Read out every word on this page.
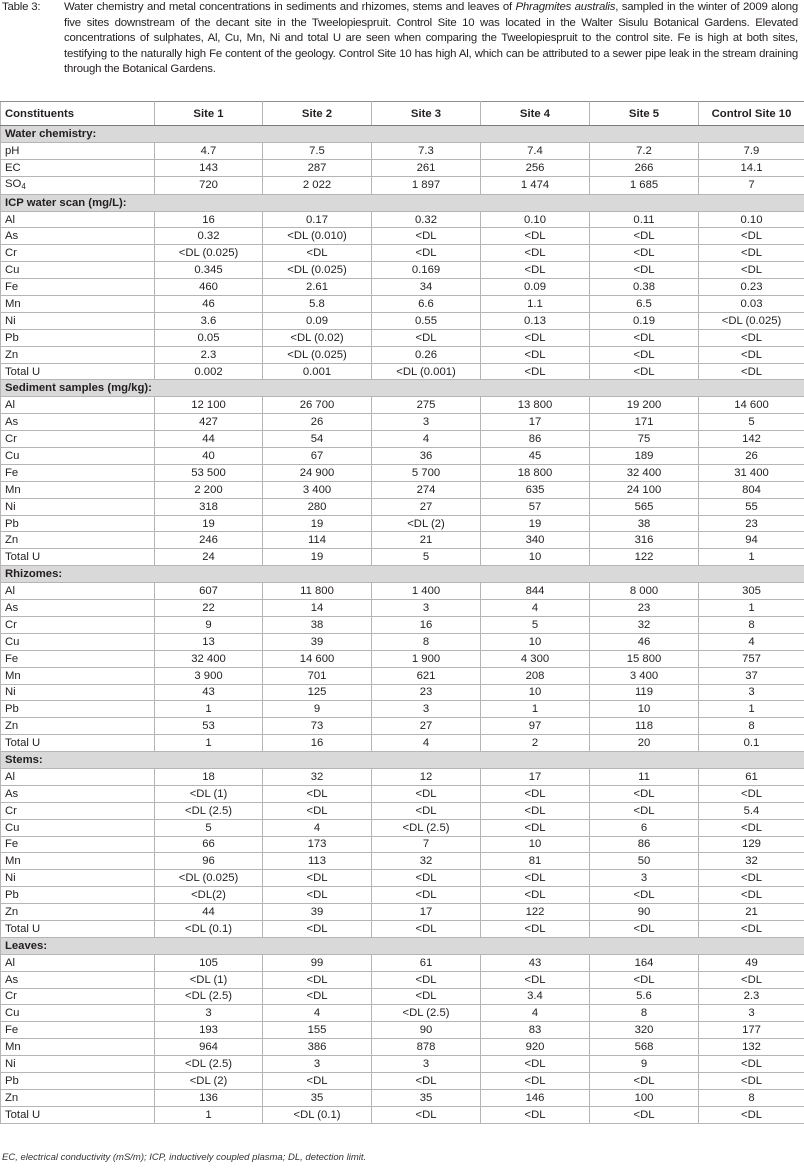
Table 3:	Water chemistry and metal concentrations in sediments and rhizomes, stems and leaves of Phragmites australis, sampled in the winter of 2009 along five sites downstream of the decant site in the Tweelopiespruit. Control Site 10 was located in the Walter Sisulu Botanical Gardens. Elevated concentrations of sulphates, Al, Cu, Mn, Ni and total U are seen when comparing the Tweelopiespruit to the control site. Fe is high at both sites, testifying to the naturally high Fe content of the geology. Control Site 10 has high Al, which can be attributed to a sewer pipe leak in the stream draining through the Botanical Gardens.
Constituents	Site 1	Site 2	Site 3	Site 4	Site 5	Control Site 10
Water chemistry:						
pH	4.7	7.5	7.3	7.4	7.2	7.9
EC	143	287	261	256	266	14.1
$SO_4$	720	2 022	1 897	1 474	1 685	7
ICP water scan (mg/L):						
Al	16	0.17	0.32	0.10	0.11	0.10
As	0.32	<DL (0.010)	<DL	<DL	<DL	<DL
Cr	<DL (0.025)	<DL	<DL	<DL	<DL	<DL
Cu	0.345	<DL (0.025)	0.169	<DL	<DL	<DL
Fe	460	2.61	34	0.09	0.38	0.23
Mn	46	5.8	6.6	1.1	6.5	0.03
Ni	3.6	0.09	0.55	0.13	0.19	<DL (0.025)
Pb	0.05	<DL (0.02)	<DL	<DL	<DL	<DL
Zn	2.3	<DL (0.025)	0.26	<DL	<DL	<DL
Total U	0.002	0.001	<DL (0.001)	<DL	<DL	<DL
Sediment samples (mg/kg):						
Al	12 100	26 700	275	13 800	19 200	14 600
As	427	26	3	17	171	5
Cr	44	54	4	86	75	142
Cu	40	67	36	45	189	26
Fe	53 500	24 900	5 700	18 800	32 400	31 400
Mn	2 200	3 400	274	635	24 100	804
Ni	318	280	27	57	565	55
Pb	19	19	<DL (2)	19	38	23
Zn	246	114	21	340	316	94
Total U	24	19	5	10	122	1
Rhizomes:						
Al	607	11 800	1 400	844	8 000	305
As	22	14	3	4	23	1
Cr	9	38	16	5	32	8
Cu	13	39	8	10	46	4
Fe	32 400	14 600	1 900	4 300	15 800	757
Mn	3 900	701	621	208	3 400	37
Ni	43	125	23	10	119	3
Pb	1	9	3	1	10	1
Zn	53	73	27	97	118	8
Total U	1	16	4	2	20	0.1
Stems:						
Al	18	32	12	17	11	61
As	<DL (1)	<DL	<DL	<DL	<DL	<DL
Cr	<DL (2.5)	<DL	<DL	<DL	<DL	5.4
Cu	5	4	<DL (2.5)	<DL	6	<DL
Fe	66	173	7	10	86	129
Mn	96	113	32	81	50	32
Ni	<DL (0.025)	<DL	<DL	<DL	3	<DL
Pb	<DL(2)	<DL	<DL	<DL	<DL	<DL
Zn	44	39	17	122	90	21
Total U	<DL (0.1)	<DL	<DL	<DL	<DL	<DL
Leaves:						
Al	105	99	61	43	164	49
As	<DL (1)	<DL	<DL	<DL	<DL	<DL
Cr	<DL (2.5)	<DL	<DL	3.4	5.6	2.3
Cu	3	4	<DL (2.5)	4	8	3
Fe	193	155	90	83	320	177
Mn	964	386	878	920	568	132
Ni	<DL (2.5)	3	3	<DL	9	<DL
Pb	<DL (2)	<DL	<DL	<DL	<DL	<DL
Zn	136	35	35	146	100	8
Total U	1	<DL (0.1)	<DL	<DL	<DL	<DL
EC, electrical conductivity (mS/m); ICP, inductively coupled plasma; DL, detection limit.
